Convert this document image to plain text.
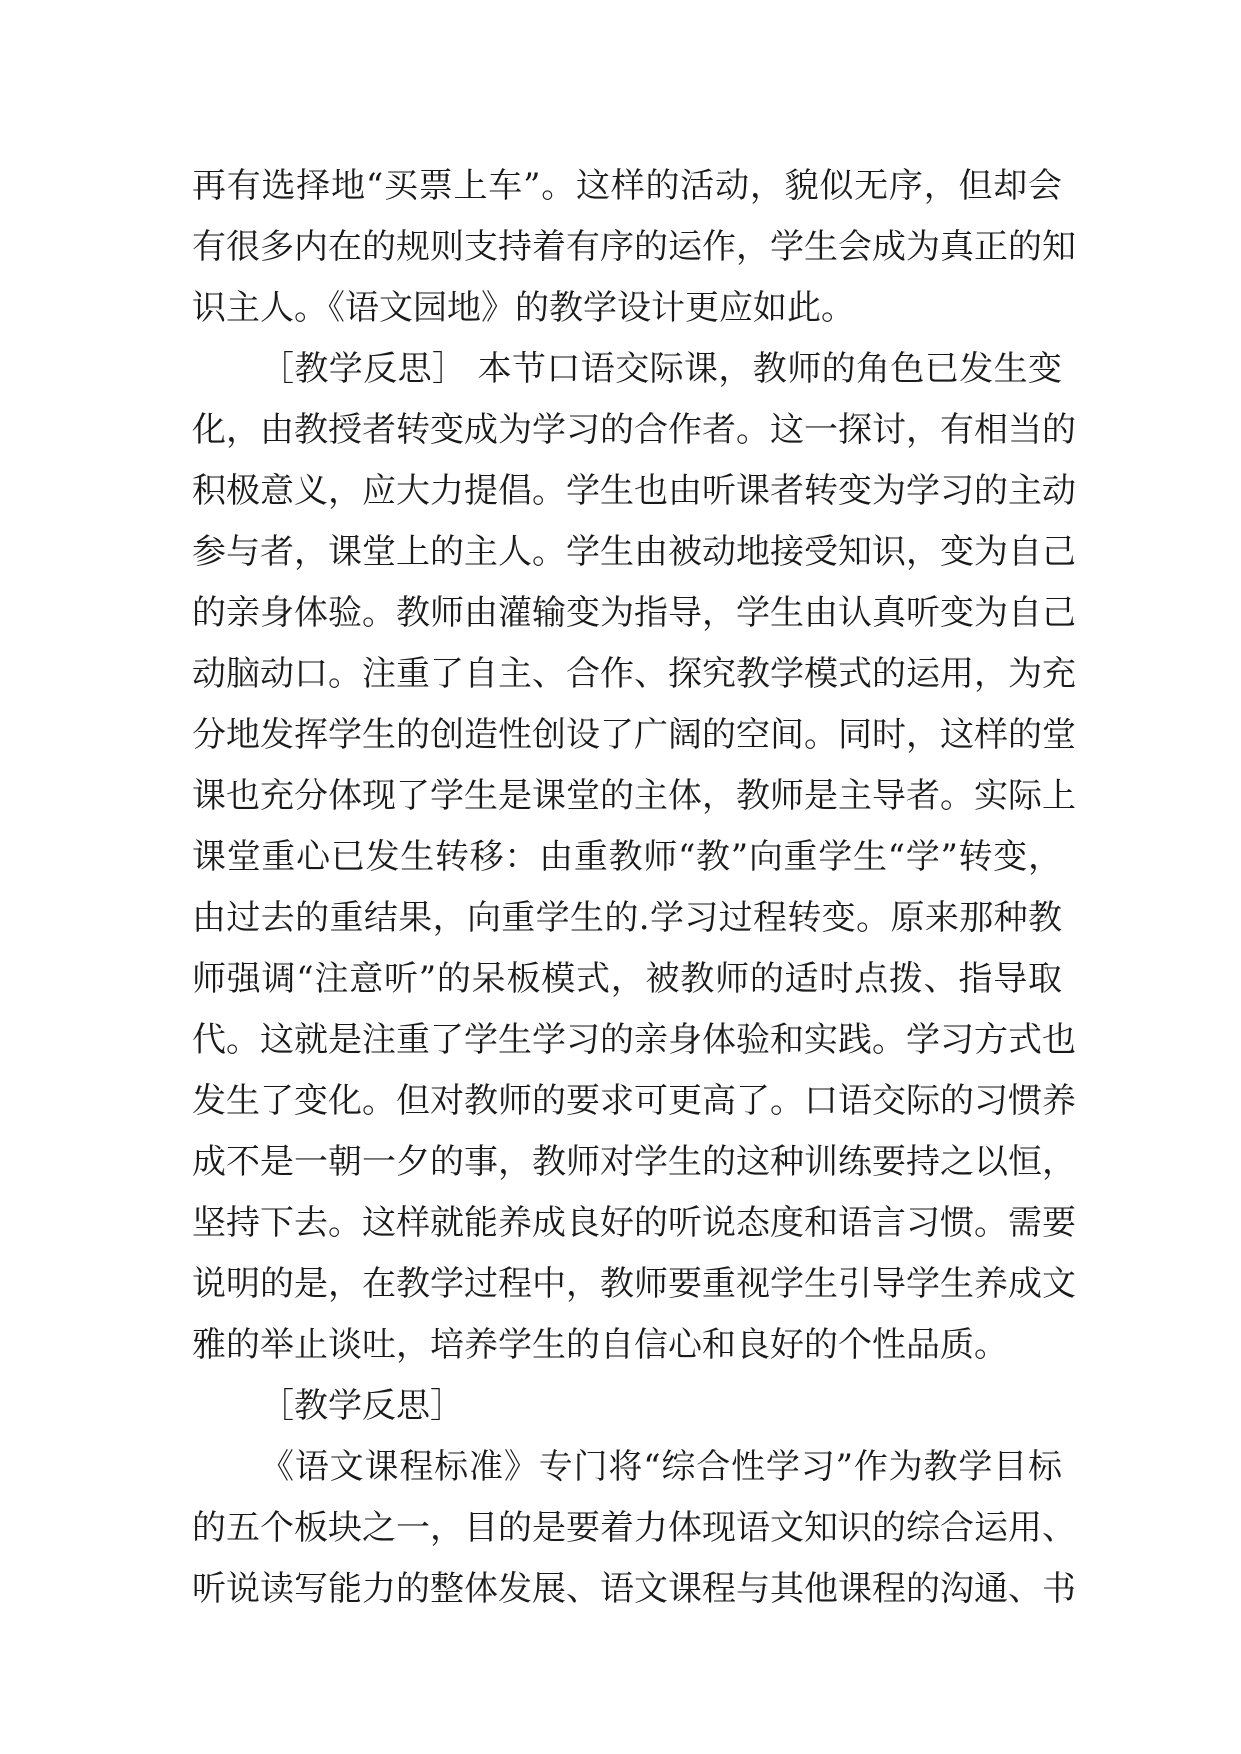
再有选择地“买票上车”。这样的活动，貌似无序，但却会
有很多内在的规则支持着有序的运作，学生会成为真正的知
识主人。《语文园地》的教学设计更应如此。
［教学反思］ 本节口语交际课，教师的角色已发生变
化，由教授者转变成为学习的合作者。这一探讨，有相当的
积极意义，应大力提倡。学生也由听课者转变为学习的主动
参与者，课堂上的主人。学生由被动地接受知识，变为自己
的亲身体验。教师由灌输变为指导，学生由认真听变为自己
动脑动口。注重了自主、合作、探究教学模式的运用，为充
分地发挥学生的创造性创设了广阔的空间。同时，这样的堂
课也充分体现了学生是课堂的主体，教师是主导者。实际上
课堂重心已发生转移：由重教师“教”向重学生“学”转变，
由过去的重结果，向重学生的.学习过程转变。原来那种教
师强调“注意听”的呆板模式，被教师的适时点拨、指导取
代。这就是注重了学生学习的亲身体验和实践。学习方式也
发生了变化。但对教师的要求可更高了。口语交际的习惯养
成不是一朝一夕的事，教师对学生的这种训练要持之以恒，
坚持下去。这样就能养成良好的听说态度和语言习惯。需要
说明的是，在教学过程中，教师要重视学生引导学生养成文
雅的举止谈吐，培养学生的自信心和良好的个性品质。
［教学反思］
《语文课程标准》专门将“综合性学习”作为教学目标
的五个板块之一，目的是要着力体现语文知识的综合运用、
听说读写能力的整体发展、语文课程与其他课程的沟通、书
